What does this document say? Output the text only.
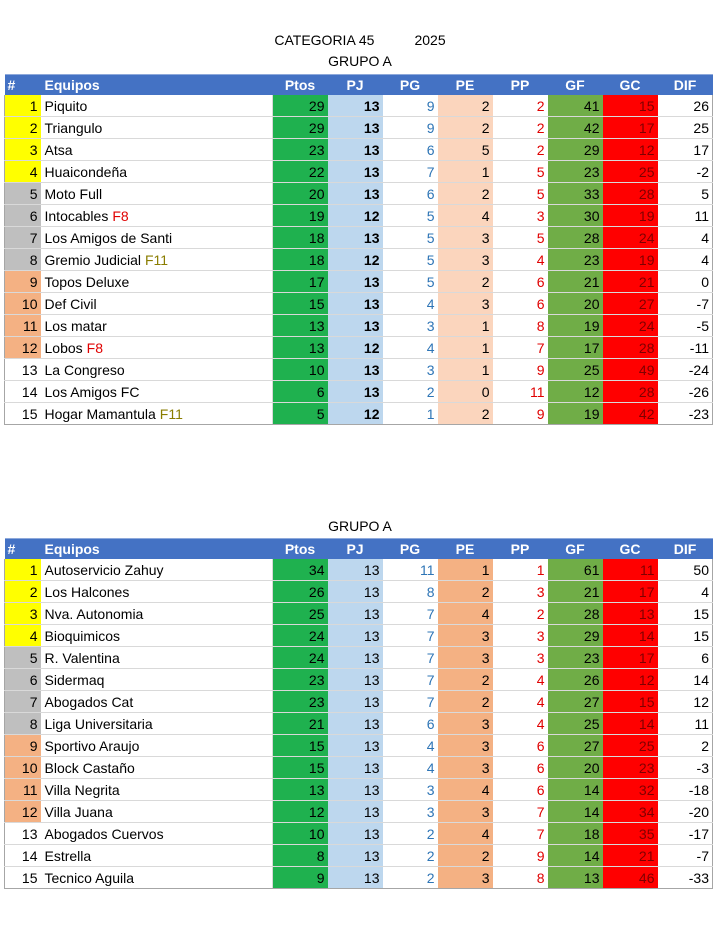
CATEGORIA 45	2025
GRUPO A
#	Equipos	Ptos	PJ	PG	PE	PP	GF	GC	DIF
1	Piquito	29	13	9	2	2	41	15	26
2	Triangulo	29	13	9	2	2	42	17	25
3	Atsa	23	13	6	5	2	29	12	17
4	Huaicondeña	22	13	7	1	5	23	25	-2
5	Moto Full	20	13	6	2	5	33	28	5
6	Intocables F8	19	12	5	4	3	30	19	11
7	Los Amigos de Santi	18	13	5	3	5	28	24	4
8	Gremio Judicial F11	18	12	5	3	4	23	19	4
9	Topos Deluxe	17	13	5	2	6	21	21	0
10	Def Civil	15	13	4	3	6	20	27	-7
11	Los matar	13	13	3	1	8	19	24	-5
12	Lobos F8	13	12	4	1	7	17	28	-11
13	La Congreso	10	13	3	1	9	25	49	-24
14	Los Amigos FC	6	13	2	0	11	12	28	-26
15	Hogar Mamantula F11	5	12	1	2	9	19	42	-23
GRUPO A
#	Equipos	Ptos	PJ	PG	PE	PP	GF	GC	DIF
1	Autoservicio Zahuy	34	13	11	1	1	61	11	50
2	Los Halcones	26	13	8	2	3	21	17	4
3	Nva. Autonomia	25	13	7	4	2	28	13	15
4	Bioquimicos	24	13	7	3	3	29	14	15
5	R. Valentina	24	13	7	3	3	23	17	6
6	Sidermaq	23	13	7	2	4	26	12	14
7	Abogados Cat	23	13	7	2	4	27	15	12
8	Liga Universitaria	21	13	6	3	4	25	14	11
9	Sportivo Araujo	15	13	4	3	6	27	25	2
10	Block Castaño	15	13	4	3	6	20	23	-3
11	Villa Negrita	13	13	3	4	6	14	32	-18
12	Villa Juana	12	13	3	3	7	14	34	-20
13	Abogados Cuervos	10	13	2	4	7	18	35	-17
14	Estrella	8	13	2	2	9	14	21	-7
15	Tecnico Aguila	9	13	2	3	8	13	46	-33
